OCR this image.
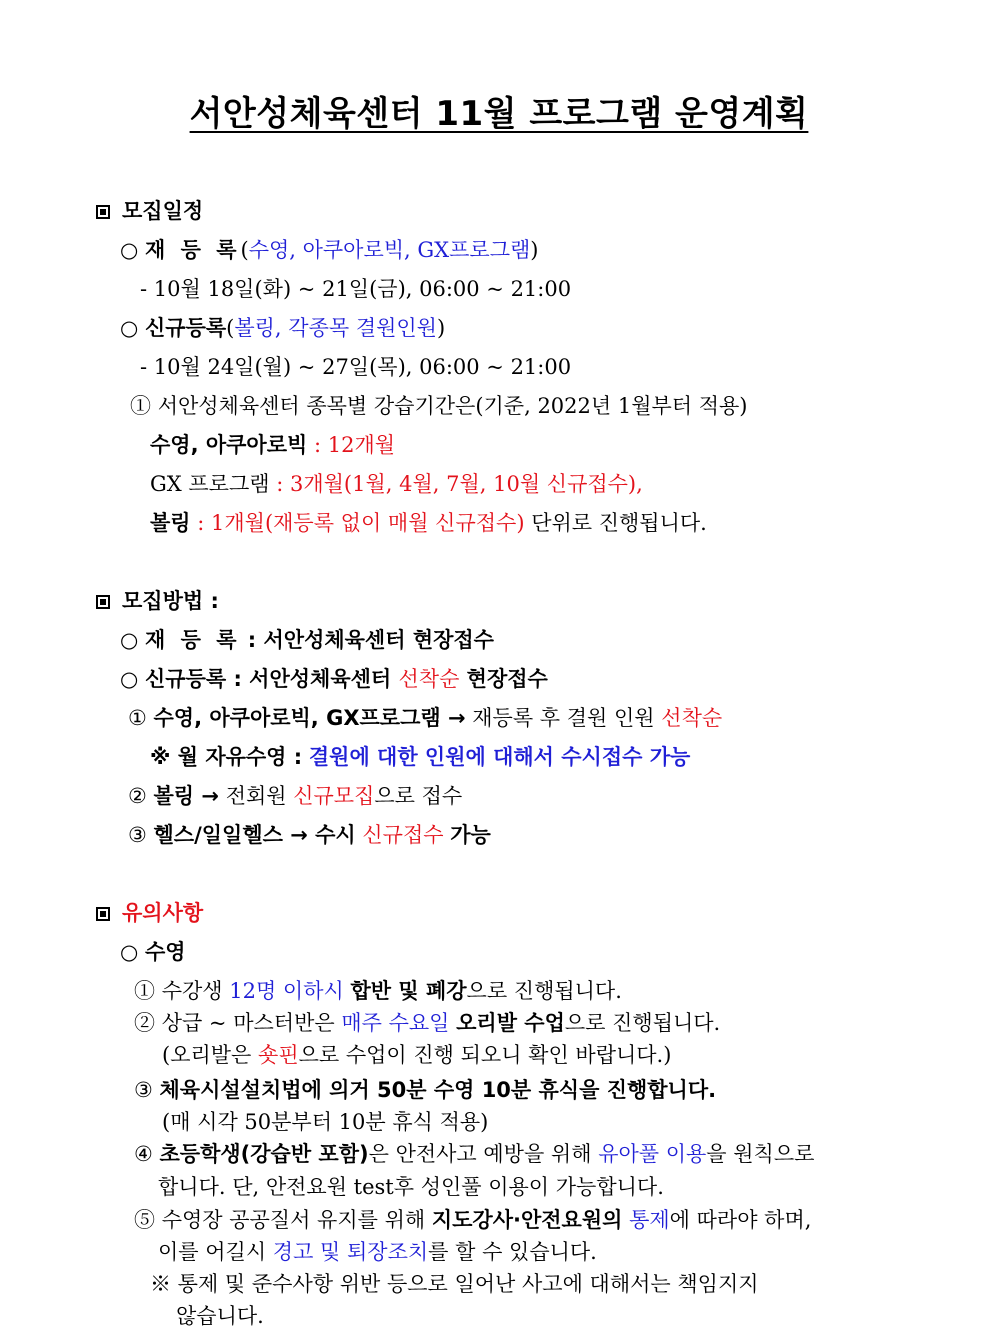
서안성체육센터 11월 프로그램 운영계획
모집일정
○ 재 등 록(수영, 아쿠아로빅, GX프로그램)
- 10월 18일(화) ~ 21일(금), 06:00 ~ 21:00
○ 신규등록(볼링, 각종목 결원인원)
- 10월 24일(월) ~ 27일(목), 06:00 ~ 21:00
① 서안성체육센터 종목별 강습기간은(기준, 2022년 1월부터 적용)
수영, 아쿠아로빅 : 12개월
GX 프로그램 : 3개월(1월, 4월, 7월, 10월 신규접수),
볼링 : 1개월(재등록 없이 매월 신규접수) 단위로 진행됩니다.
모집방법 :
○ 재 등 록 : 서안성체육센터 현장접수
○ 신규등록 : 서안성체육센터 선착순 현장접수
① 수영, 아쿠아로빅, GX프로그램 → 재등록 후 결원 인원 선착순
※ 월 자유수영 : 결원에 대한 인원에 대해서 수시접수 가능
② 볼링 → 전회원 신규모집으로 접수
③ 헬스/일일헬스 → 수시 신규접수 가능
유의사항
○ 수영
① 수강생 12명 이하시 합반 및 폐강으로 진행됩니다.
② 상급 ~ 마스터반은 매주 수요일 오리발 수업으로 진행됩니다.
(오리발은 숏핀으로 수업이 진행 되오니 확인 바랍니다.)
③ 체육시설설치법에 의거 50분 수영 10분 휴식을 진행합니다.
(매 시각 50분부터 10분 휴식 적용)
④ 초등학생(강습반 포함)은 안전사고 예방을 위해 유아풀 이용을 원칙으로
합니다. 단, 안전요원 test후 성인풀 이용이 가능합니다.
⑤ 수영장 공공질서 유지를 위해 지도강사·안전요원의 통제에 따라야 하며,
이를 어길시 경고 및 퇴장조치를 할 수 있습니다.
※ 통제 및 준수사항 위반 등으로 일어난 사고에 대해서는 책임지지
않습니다.
